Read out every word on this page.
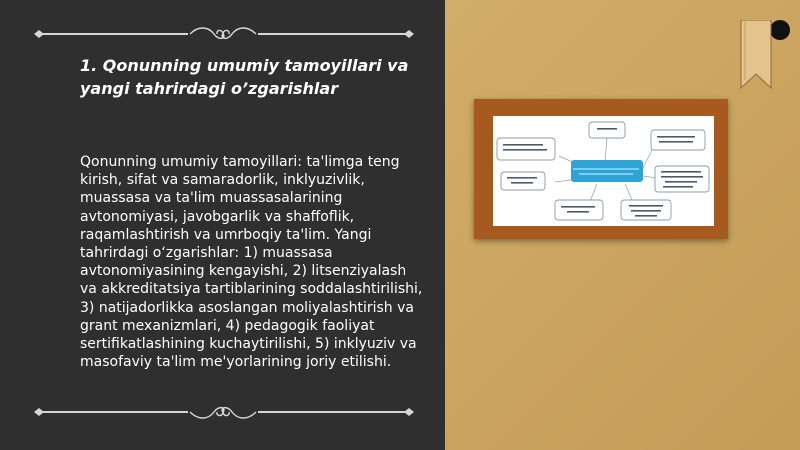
1. Qonunning umumiy tamoyillari va yangi tahrirdagi o’zgarishlar
Qonunning umumiy tamoyillari: ta'limga teng kirish, sifat va samaradorlik, inklyuzivlik, muassasa va ta'lim muassasalarining avtonomiyasi, javobgarlik va shaffoflik, raqamlashtirish va umrboqiy ta'lim. Yangi tahrirdagi o‘zgarishlar: 1) muassasa avtonomiyasining kengayishi, 2) litsenziyalash va akkreditatsiya tartiblarining soddalashtirilishi, 3) natijadorlikka asoslangan moliyalashtirish va grant mexanizmlari, 4) pedagogik faoliyat sertifikatlashining kuchaytirilishi, 5) inklyuziv va masofaviy ta'lim me'yorlarining joriy etilishi.
